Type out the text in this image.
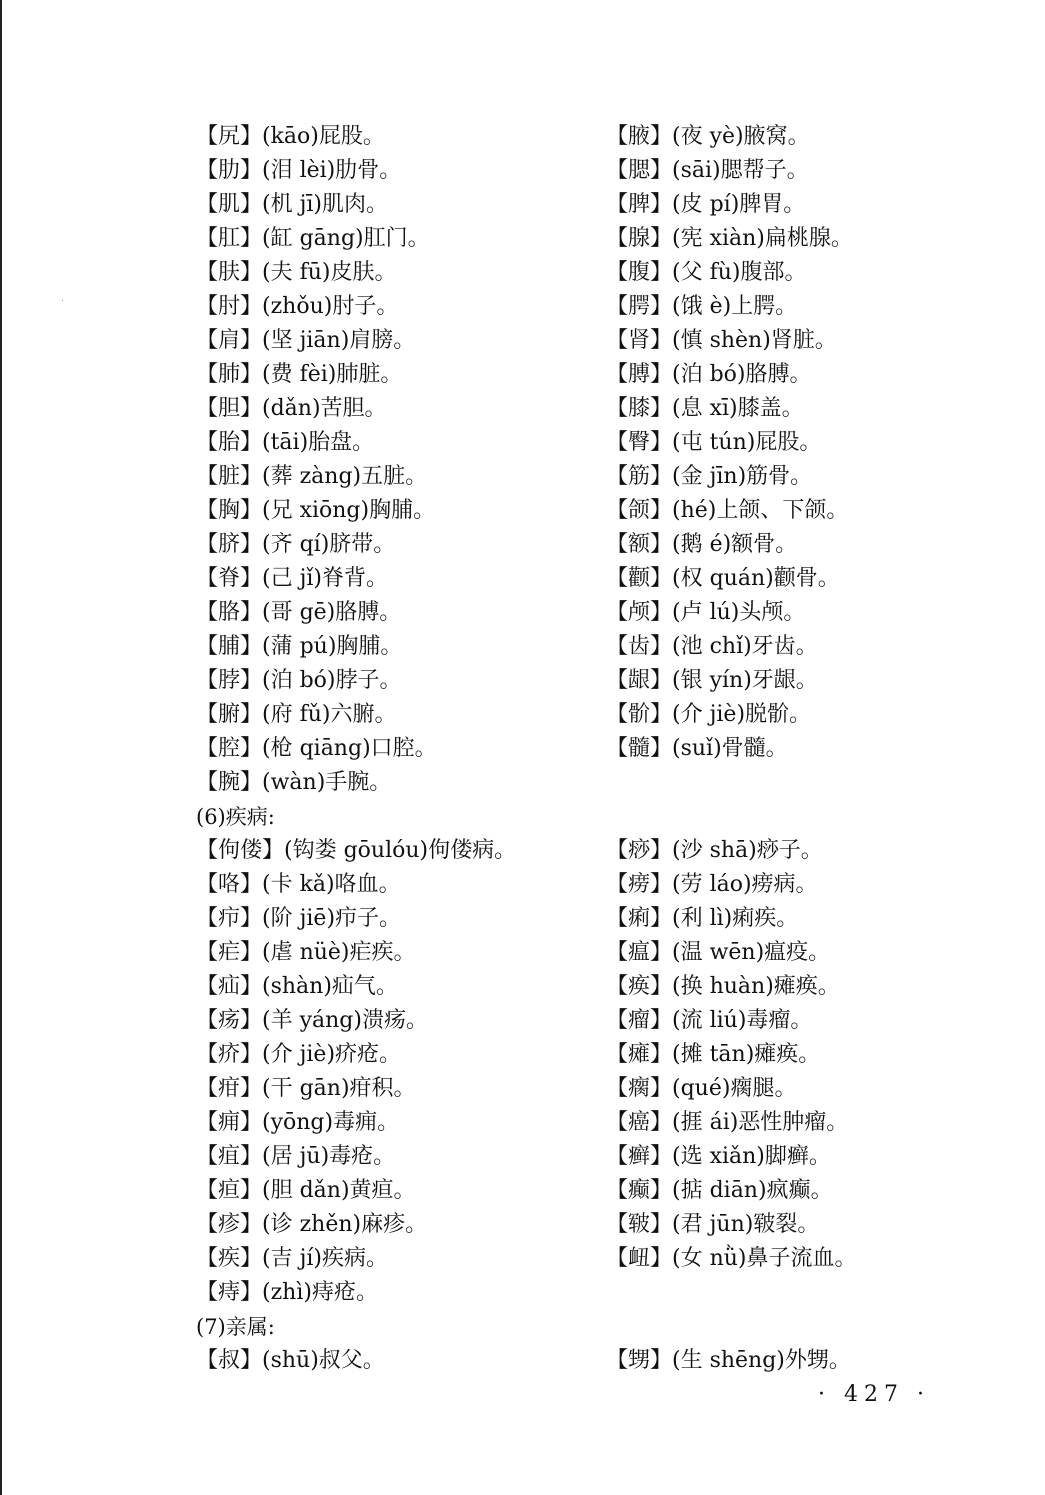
【尻】(kāo)屁股。
【肋】(泪 lèi)肋骨。
【肌】(机 jī)肌肉。
【肛】(缸 gāng)肛门。
【肤】(夫 fū)皮肤。
【肘】(zhǒu)肘子。
【肩】(坚 jiān)肩膀。
【肺】(费 fèi)肺脏。
【胆】(dǎn)苦胆。
【胎】(tāi)胎盘。
【脏】(葬 zàng)五脏。
【胸】(兄 xiōng)胸脯。
【脐】(齐 qí)脐带。
【脊】(己 jǐ)脊背。
【胳】(哥 gē)胳膊。
【脯】(蒲 pú)胸脯。
【脖】(泊 bó)脖子。
【腑】(府 fǔ)六腑。
【腔】(枪 qiāng)口腔。
【腕】(wàn)手腕。
(6)疾病:
【佝偻】(钩娄 gōulóu)佝偻病。
【咯】(卡 kǎ)咯血。
【疖】(阶 jiē)疖子。
【疟】(虐 nüè)疟疾。
【疝】(shàn)疝气。
【疡】(羊 yáng)溃疡。
【疥】(介 jiè)疥疮。
【疳】(干 gān)疳积。
【痈】(yōng)毒痈。
【疽】(居 jū)毒疮。
【疸】(胆 dǎn)黄疸。
【疹】(诊 zhěn)麻疹。
【疾】(吉 jí)疾病。
【痔】(zhì)痔疮。
(7)亲属:
【叔】(shū)叔父。
【腋】(夜 yè)腋窝。
【腮】(sāi)腮帮子。
【脾】(皮 pí)脾胃。
【腺】(宪 xiàn)扁桃腺。
【腹】(父 fù)腹部。
【腭】(饿 è)上腭。
【肾】(慎 shèn)肾脏。
【膊】(泊 bó)胳膊。
【膝】(息 xī)膝盖。
【臀】(屯 tún)屁股。
【筋】(金 jīn)筋骨。
【颌】(hé)上颌、下颌。
【额】(鹅 é)额骨。
【颧】(权 quán)颧骨。
【颅】(卢 lú)头颅。
【齿】(池 chǐ)牙齿。
【龈】(银 yín)牙龈。
【骱】(介 jiè)脱骱。
【髓】(suǐ)骨髓。
【痧】(沙 shā)痧子。
【痨】(劳 láo)痨病。
【痢】(利 lì)痢疾。
【瘟】(温 wēn)瘟疫。
【痪】(换 huàn)瘫痪。
【瘤】(流 liú)毒瘤。
【瘫】(摊 tān)瘫痪。
【瘸】(qué)瘸腿。
【癌】(捱 ái)恶性肿瘤。
【癣】(选 xiǎn)脚癣。
【癫】(掂 diān)疯癫。
【皲】(君 jūn)皲裂。
【衄】(女 nǜ)鼻子流血。
【甥】(生 shēng)外甥。
· 427 ·
